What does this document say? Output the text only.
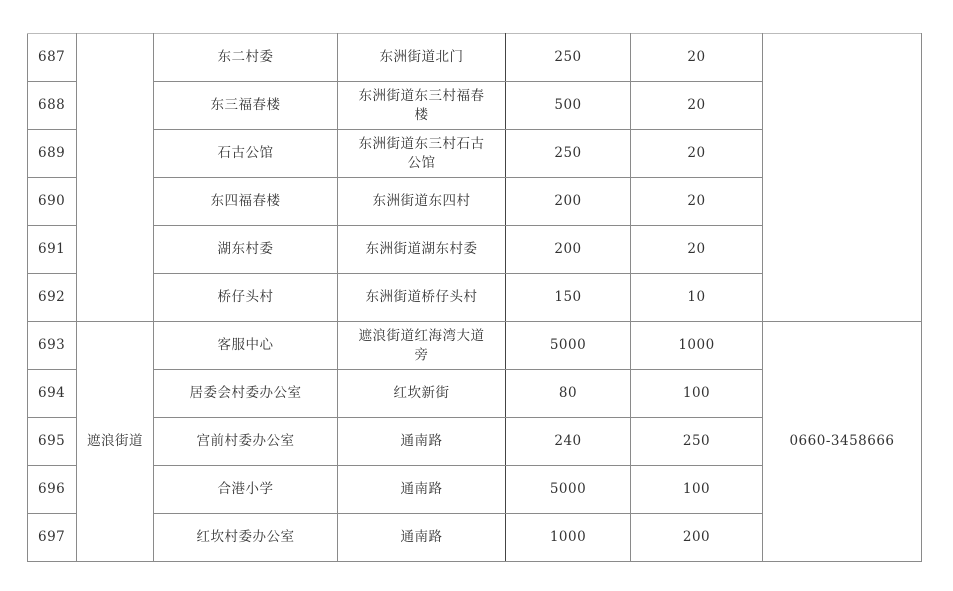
687		东二村委	东洲街道北门	250	20	
688		东三福春楼	东洲街道东三村福春楼	500	20	
689		石古公馆	东洲街道东三村石古公馆	250	20	
690		东四福春楼	东洲街道东四村	200	20	
691		湖东村委	东洲街道湖东村委	200	20	
692		桥仔头村	东洲街道桥仔头村	150	10	
693	遮浪街道	客服中心	遮浪街道红海湾大道旁	5000	1000	0660-3458666
694		居委会村委办公室	红坎新街	80	100	
695		宫前村委办公室	通南路	240	250	
696		合港小学	通南路	5000	100	
697		红坎村委办公室	通南路	1000	200	
